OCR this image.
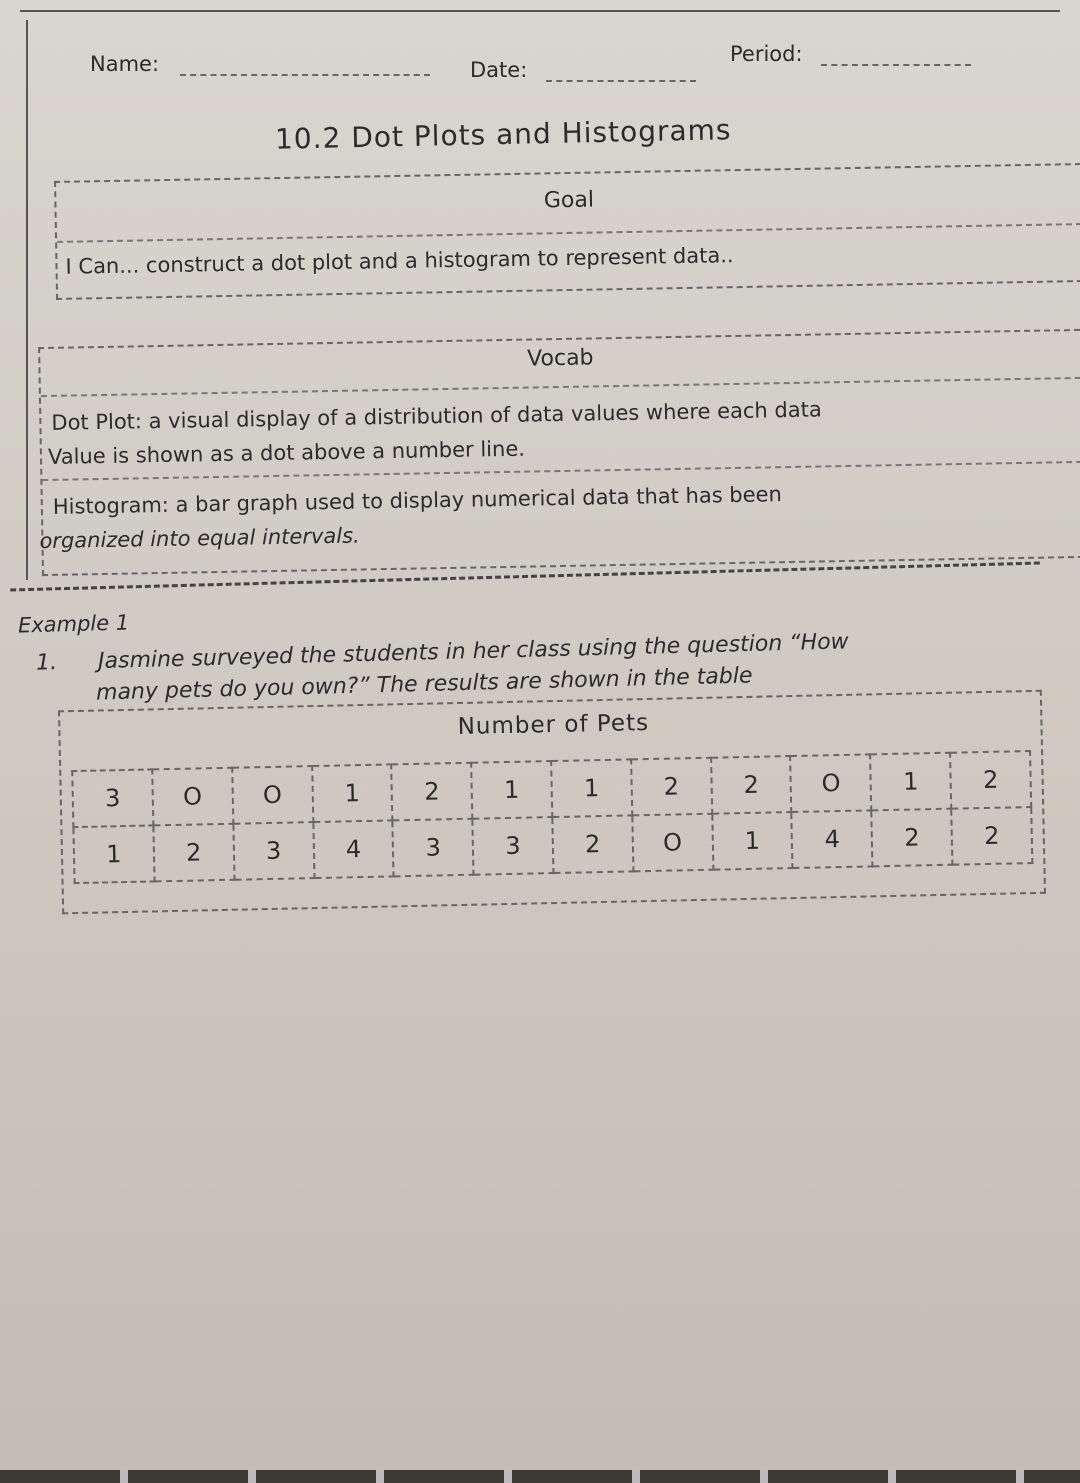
Name:	Date:
Period:
10.2 Dot Plots and Histograms
Goal
I Can... construct a dot plot and a histogram to represent data..
Vocab
Dot Plot: a visual display of a distribution of data values where each data
Value is shown as a dot above a number line.
Histogram: a bar graph used to display numerical data that has been
organized into equal intervals.
Example 1
1. Jasmine surveyed the students in her class using the question “How
many pets do you own?” The results are shown in the table
Number of Pets
3	O	O	1	2	1	1	2	2	O	1	2
1	2	3	4	3	3	2	O	1	4	2	2
